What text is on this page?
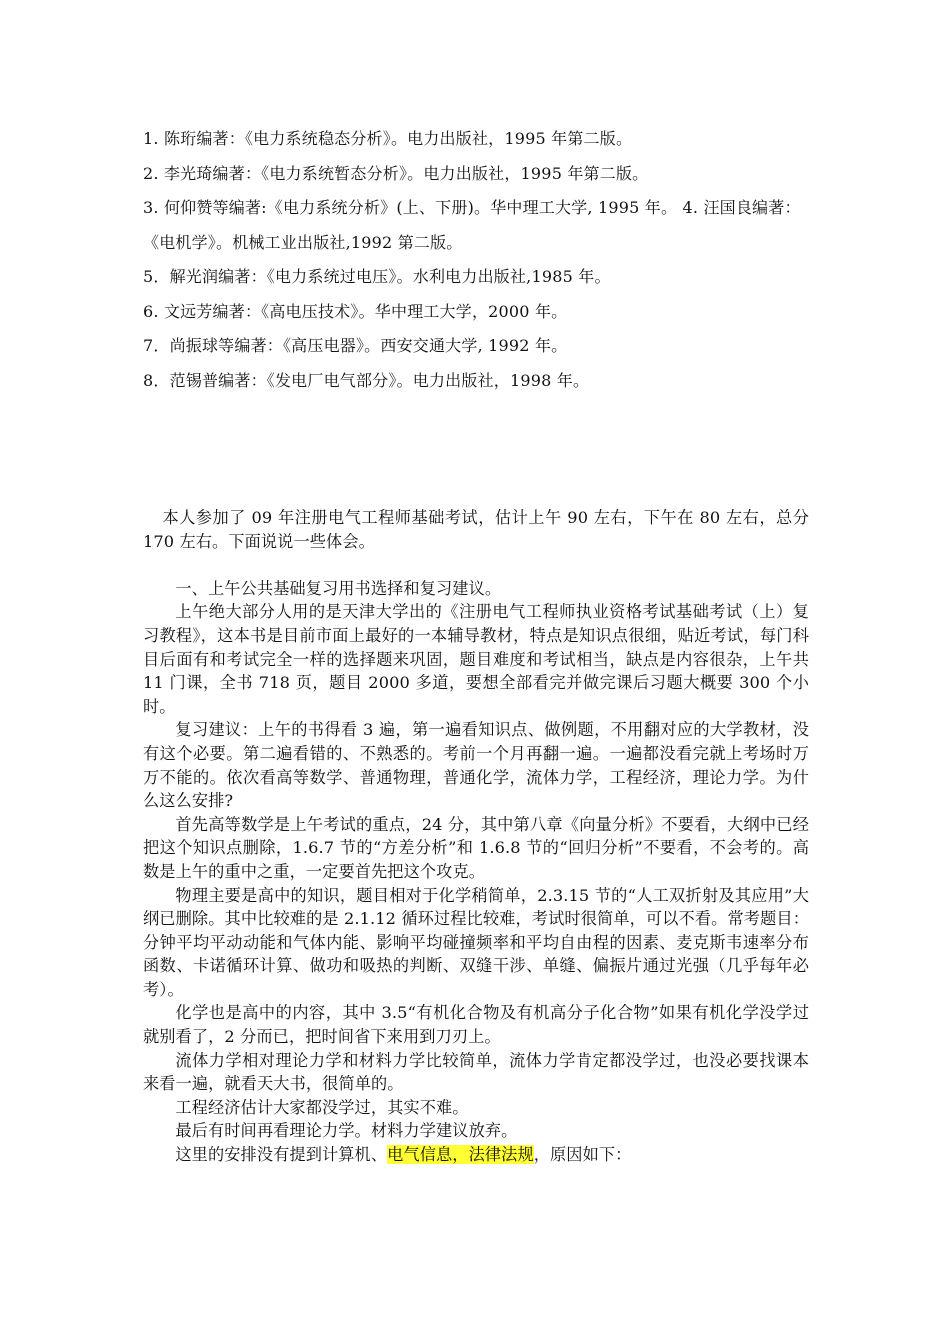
1. 陈珩编著：《电力系统稳态分析》。电力出版社，1995 年第二版。
2. 李光琦编著：《电力系统暂态分析》。电力出版社，1995 年第二版。
3. 何仰赞等编著:《电力系统分析》(上、下册)。华中理工大学, 1995 年。 4. 汪国良编著：《电机学》。机械工业出版社,1992 第二版。
5．解光润编著：《电力系统过电压》。水利电力出版社,1985 年。
6. 文远芳编著：《高电压技术》。华中理工大学，2000 年。
7．尚振球等编著：《高压电器》。西安交通大学, 1992 年。
8．范锡普编著：《发电厂电气部分》。电力出版社，1998 年。

本人参加了 09 年注册电气工程师基础考试，估计上午 90 左右，下午在 80 左右，总分 170 左右。下面说说一些体会。

一、上午公共基础复习用书选择和复习建议。

上午绝大部分人用的是天津大学出的《注册电气工程师执业资格考试基础考试（上）复习教程》，这本书是目前市面上最好的一本辅导教材，特点是知识点很细，贴近考试，每门科目后面有和考试完全一样的选择题来巩固，题目难度和考试相当，缺点是内容很杂，上午共 11 门课，全书 718 页，题目 2000 多道，要想全部看完并做完课后习题大概要 300 个小时。

复习建议：上午的书得看 3 遍，第一遍看知识点、做例题，不用翻对应的大学教材，没有这个必要。第二遍看错的、不熟悉的。考前一个月再翻一遍。一遍都没看完就上考场时万万不能的。依次看高等数学、普通物理，普通化学，流体力学，工程经济，理论力学。为什么这么安排?

首先高等数学是上午考试的重点，24 分，其中第八章《向量分析》不要看，大纲中已经把这个知识点删除，1.6.7 节的“方差分析”和 1.6.8 节的“回归分析”不要看，不会考的。高数是上午的重中之重，一定要首先把这个攻克。

物理主要是高中的知识，题目相对于化学稍简单，2.3.15 节的“人工双折射及其应用”大纲已删除。其中比较难的是 2.1.12 循环过程比较难，考试时很简单，可以不看。常考题目：分钟平均平动动能和气体内能、影响平均碰撞频率和平均自由程的因素、麦克斯韦速率分布函数、卡诺循环计算、做功和吸热的判断、双缝干涉、单缝、偏振片通过光强（几乎每年必考）。

化学也是高中的内容，其中 3.5“有机化合物及有机高分子化合物”如果有机化学没学过就别看了，2 分而已，把时间省下来用到刀刃上。

流体力学相对理论力学和材料力学比较简单，流体力学肯定都没学过，也没必要找课本来看一遍，就看天大书，很简单的。

工程经济估计大家都没学过，其实不难。

最后有时间再看理论力学。材料力学建议放弃。

这里的安排没有提到计算机、电气信息，法律法规，原因如下：
